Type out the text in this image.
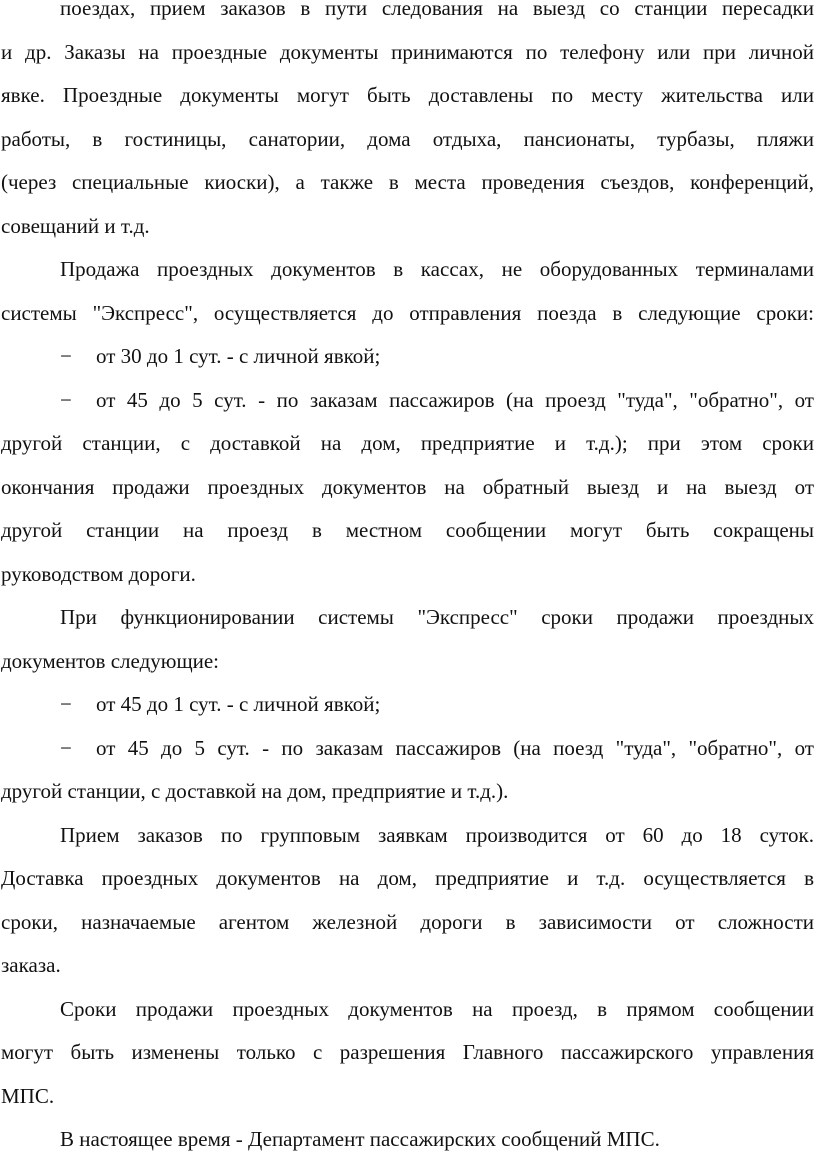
поездах, прием заказов в пути следования на выезд со станции пересадки
и др. Заказы на проездные документы принимаются по телефону или при личной
явке. Проездные документы могут быть доставлены по месту жительства или
работы, в гостиницы, санатории, дома отдыха, пансионаты, турбазы, пляжи
(через специальные киоски), а также в места проведения съездов, конференций,
совещаний и т.д.
Продажа проездных документов в кассах, не оборудованных терминалами
системы "Экспресс", осуществляется до отправления поезда в следующие сроки:
− от 30 до 1 сут. - с личной явкой;
− от 45 до 5 сут. - по заказам пассажиров (на проезд "туда", "обратно", от
другой станции, с доставкой на дом, предприятие и т.д.); при этом сроки
окончания продажи проездных документов на обратный выезд и на выезд от
другой станции на проезд в местном сообщении могут быть сокращены
руководством дороги.
При функционировании системы "Экспресс" сроки продажи проездных
документов следующие:
− от 45 до 1 сут. - с личной явкой;
− от 45 до 5 сут. - по заказам пассажиров (на поезд "туда", "обратно", от
другой станции, с доставкой на дом, предприятие и т.д.).
Прием заказов по групповым заявкам производится от 60 до 18 суток.
Доставка проездных документов на дом, предприятие и т.д. осуществляется в
сроки, назначаемые агентом железной дороги в зависимости от сложности
заказа.
Сроки продажи проездных документов на проезд, в прямом сообщении
могут быть изменены только с разрешения Главного пассажирского управления
МПС.
В настоящее время - Департамент пассажирских сообщений МПС.
